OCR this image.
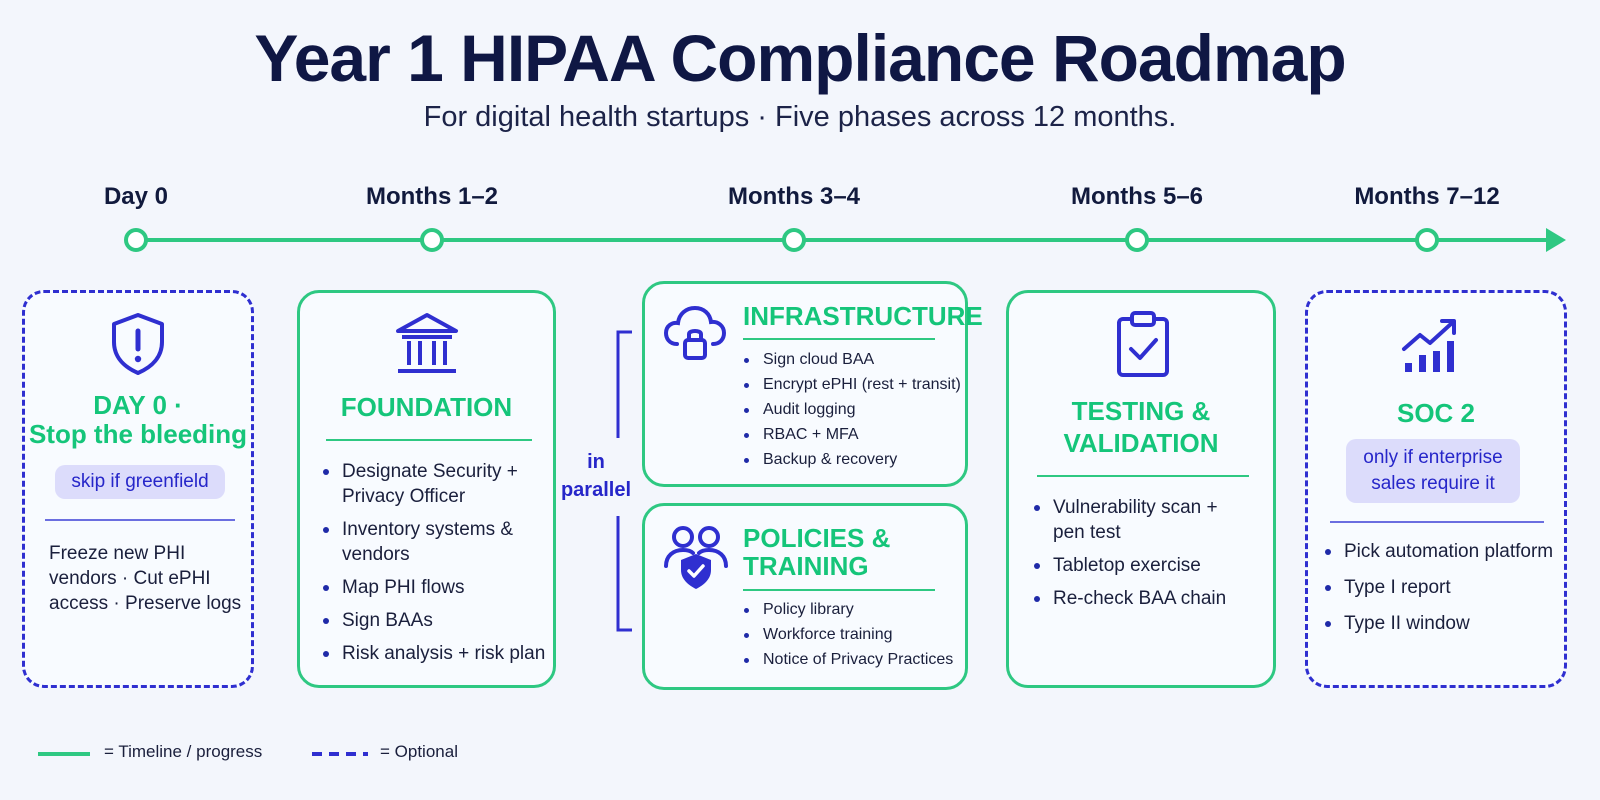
Year 1 HIPAA Compliance Roadmap
For digital health startups · Five phases across 12 months.
Day 0	Months 1–2	Months 3–4	Months 5–6	Months 7–12
DAY 0 ·
Stop the bleeding
skip if greenfield
Freeze new PHI
vendors · Cut ePHI
access · Preserve logs
FOUNDATION
Designate Security +
Privacy Officer
Inventory systems &
vendors
Map PHI flows
Sign BAAs
Risk analysis + risk plan
in
parallel
INFRASTRUCTURE
Sign cloud BAA
Encrypt ePHI (rest + transit)
Audit logging
RBAC + MFA
Backup & recovery
POLICIES &
TRAINING
Policy library
Workforce training
Notice of Privacy Practices
TESTING &
VALIDATION
Vulnerability scan +
pen test
Tabletop exercise
Re-check BAA chain
SOC 2
only if enterprise
sales require it
Pick automation platform
Type I report
Type II window
= Timeline / progress	= Optional
